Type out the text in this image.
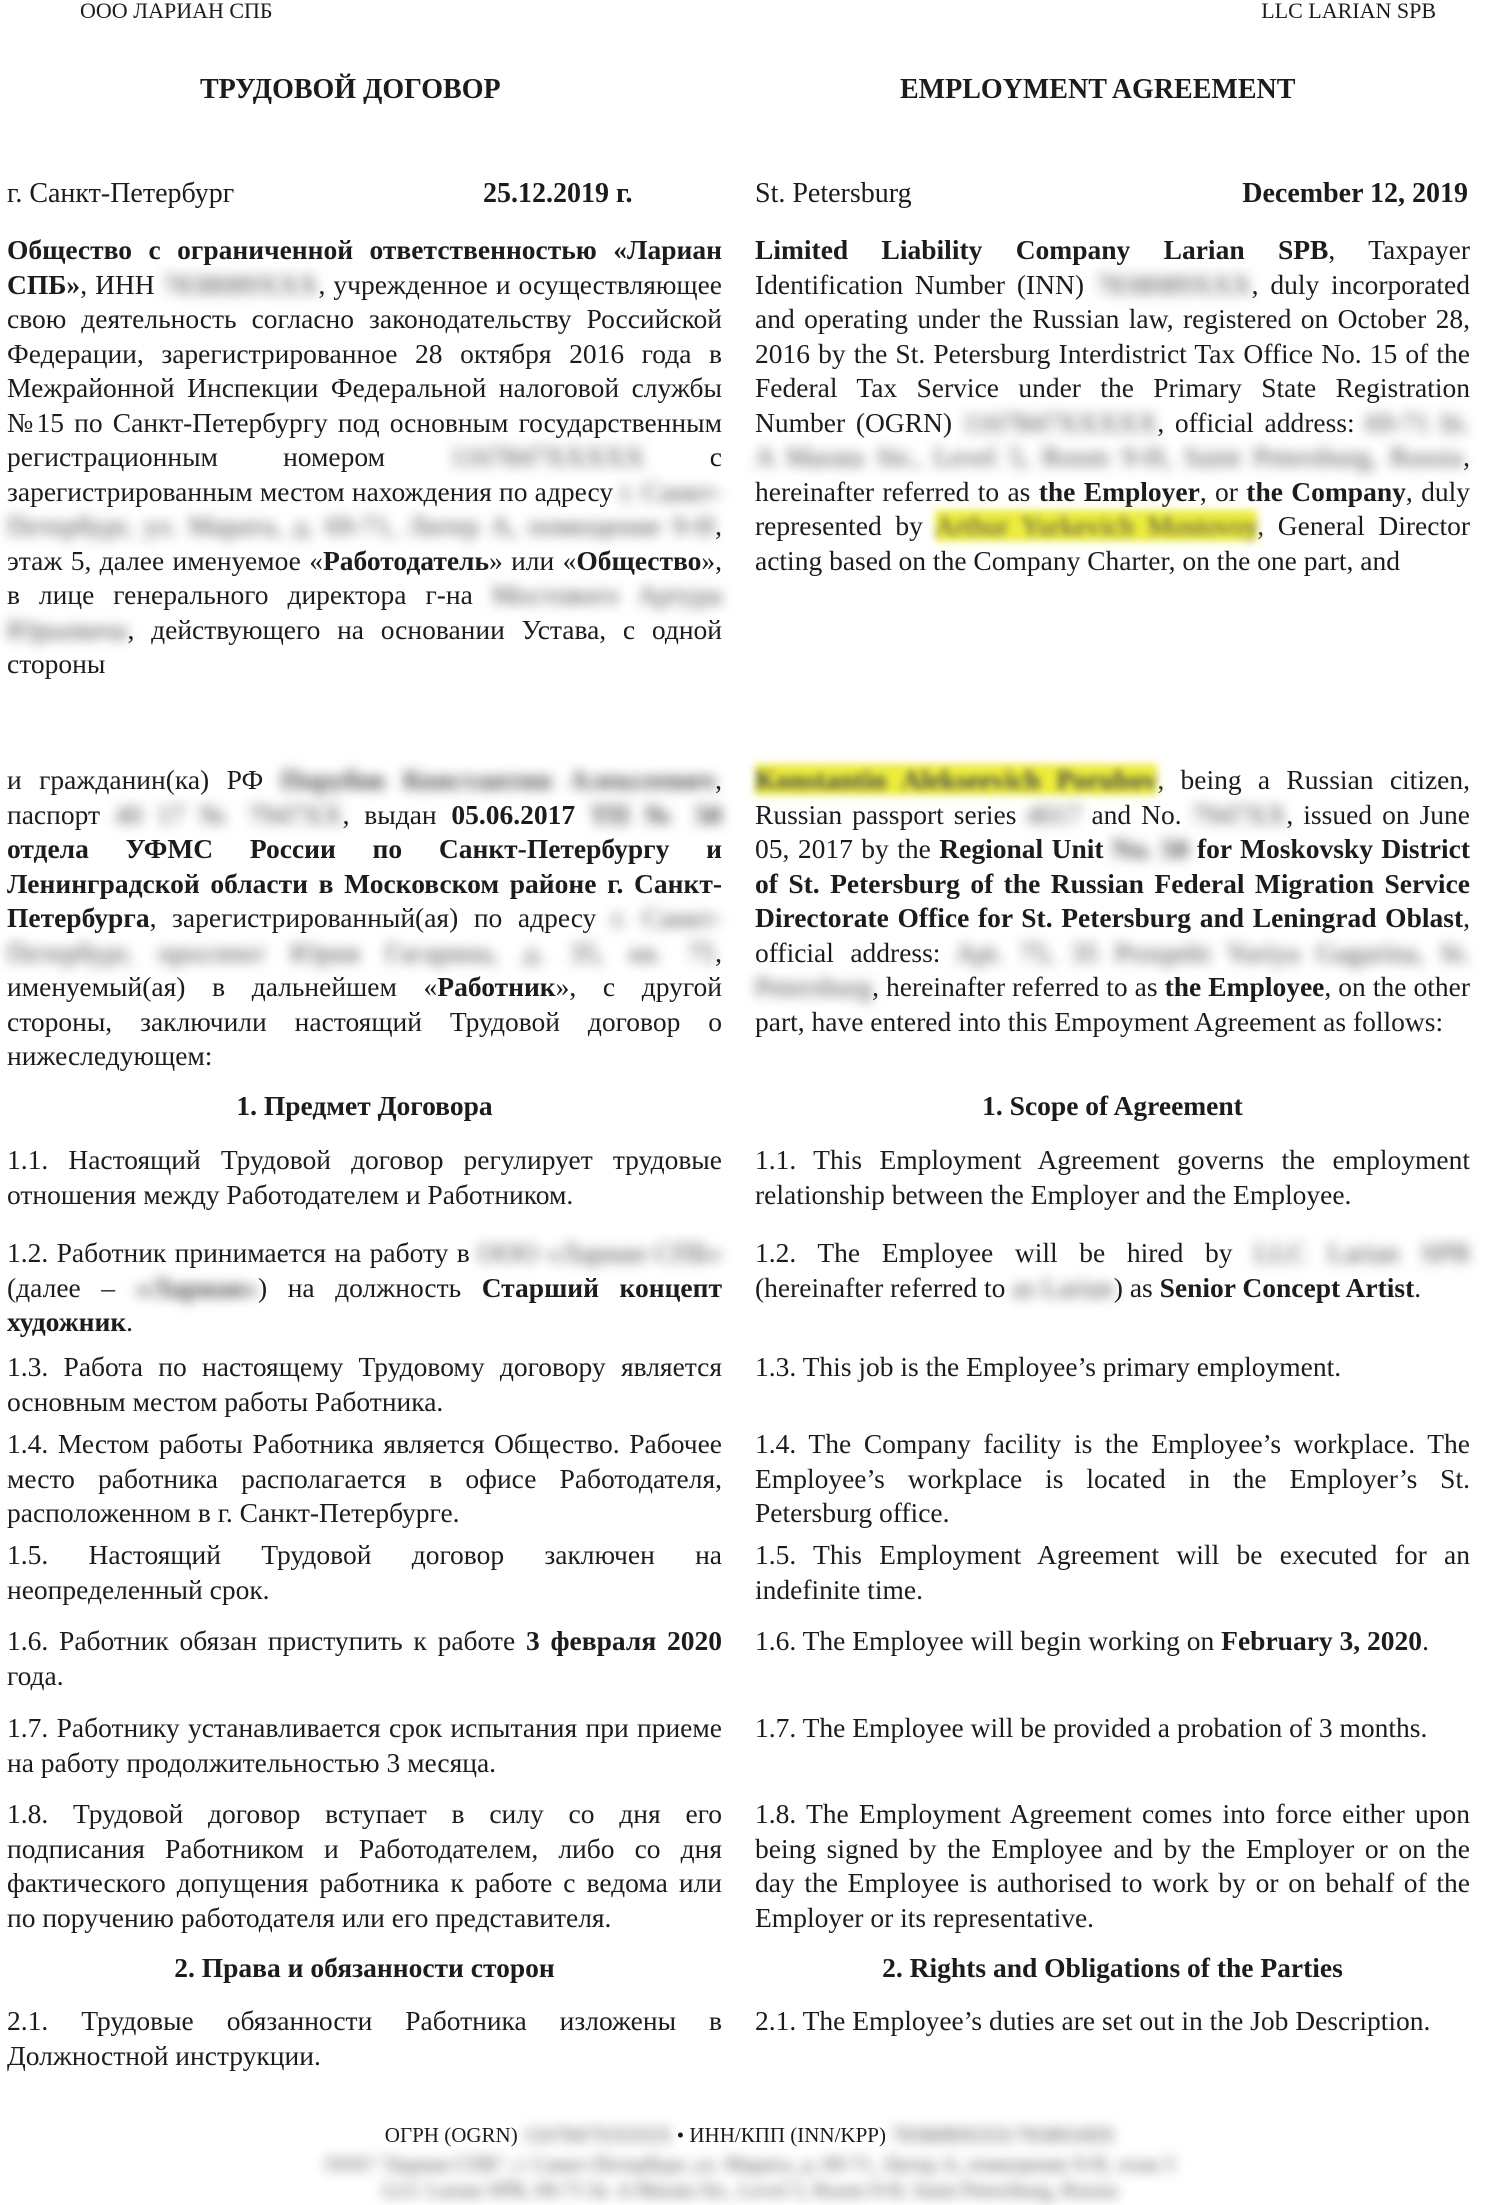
ООО ЛАРИАН СПБ	LLC LARIAN SPB
ТРУДОВОЙ ДОГОВОР	EMPLOYMENT AGREEMENT
г. Санкт-Петербург	25.12.2019 г.	St. Petersburg	December 12, 2019

Общество с ограниченной ответственностью «Лариан СПБ», ИНН 7838089XXX, учрежденное и осуществляющее свою деятельность согласно законодательству Российской Федерации, зарегистрированное 28 октября 2016 года в Межрайонной Инспекции Федеральной налоговой службы №15 по Санкт-Петербургу под основным государственным регистрационным номером 1167847XXXXX с зарегистрированным местом нахождения по адресу г. Санкт-Петербург, ул. Марата, д. 69-71, Литер А, помещение 9-Н, этаж 5, далее именуемое «Работодатель» или «Общество», в лице генерального директора г-на Мостового Артура Юрьевича, действующего на основании Устава, с одной стороны

и гражданин(ка) РФ Порубов Константин Алексеевич, паспорт 40 17 № 7947XX, выдан 05.06.2017 ТП № 50 отдела УФМС России по Санкт-Петербургу и Ленинградской области в Московском районе г. Санкт-Петербурга, зарегистрированный(ая) по адресу г. Санкт-Петербург, проспект Юрия Гагарина, д. 35, кв. 75, именуемый(ая) в дальнейшем «Работник», с другой стороны, заключили настоящий Трудовой договор о нижеследующем:

1. Предмет Договора

1.1. Настоящий Трудовой договор регулирует трудовые отношения между Работодателем и Работником.

1.2. Работник принимается на работу в ООО «Лариан СПБ» (далее – «Лариан») на должность Старший концепт художник.

1.3. Работа по настоящему Трудовому договору является основным местом работы Работника.

1.4. Местом работы Работника является Общество. Рабочее место работника располагается в офисе Работодателя, расположенном в г. Санкт-Петербурге.

1.5. Настоящий Трудовой договор заключен на неопределенный срок.

1.6. Работник обязан приступить к работе 3 февраля 2020 года.

1.7. Работнику устанавливается срок испытания при приеме на работу продолжительностью 3 месяца.

1.8. Трудовой договор вступает в силу со дня его подписания Работником и Работодателем, либо со дня фактического допущения работника к работе с ведома или по поручению работодателя или его представителя.

2. Права и обязанности сторон

2.1. Трудовые обязанности Работника изложены в Должностной инструкции.

Limited Liability Company Larian SPB, Taxpayer Identification Number (INN) 7838089XXX, duly incorporated and operating under the Russian law, registered on October 28, 2016 by the St. Petersburg Interdistrict Tax Office No. 15 of the Federal Tax Service under the Primary State Registration Number (OGRN) 1167847XXXXX, official address: 69-71 lit. A Marata Str., Level 5, Room 9-H, Saint Petersburg, Russia, hereinafter referred to as the Employer, or the Company, duly represented by Arthur Yurkevich Mostovoy, General Director acting based on the Company Charter, on the one part, and

Konstantin Alekseevich Porubov, being a Russian citizen, Russian passport series 4017 and No. 7947XX, issued on June 05, 2017 by the Regional Unit No. 50 for Moskovsky District of St. Petersburg of the Russian Federal Migration Service Directorate Office for St. Petersburg and Leningrad Oblast, official address: Apt. 75, 35 Prospekt Yuriya Gagarina, St. Petersburg, hereinafter referred to as the Employee, on the other part, have entered into this Empoyment Agreement as follows:

1. Scope of Agreement

1.1. This Employment Agreement governs the employment relationship between the Employer and the Employee.

1.2. The Employee will be hired by LLC Larian SPB (hereinafter referred to as Larian) as Senior Concept Artist.

1.3. This job is the Employee’s primary employment.

1.4. The Company facility is the Employee’s workplace. The Employee’s workplace is located in the Employer’s St. Petersburg office.

1.5. This Employment Agreement will be executed for an indefinite time.

1.6. The Employee will begin working on February 3, 2020.

1.7. The Employee will be provided a probation of 3 months.

1.8. The Employment Agreement comes into force either upon being signed by the Employee and by the Employer or on the day the Employee is authorised to work by or on behalf of the Employer or its representative.

2. Rights and Obligations of the Parties

2.1. The Employee’s duties are set out in the Job Description.

ОГРН (OGRN) 1167847XXXXX • ИНН/КПП (INN/KPP) 7838089XXX/78380100X
ООО "Лариан СПБ", г. Санкт-Петербург, ул. Марата, д. 69-71, Литер А, помещение 9-Н, этаж 5
LLC Larian SPB, 69-71 lit. A Marata Str., Level 5, Room 9-H, Saint Petersburg, Russia
